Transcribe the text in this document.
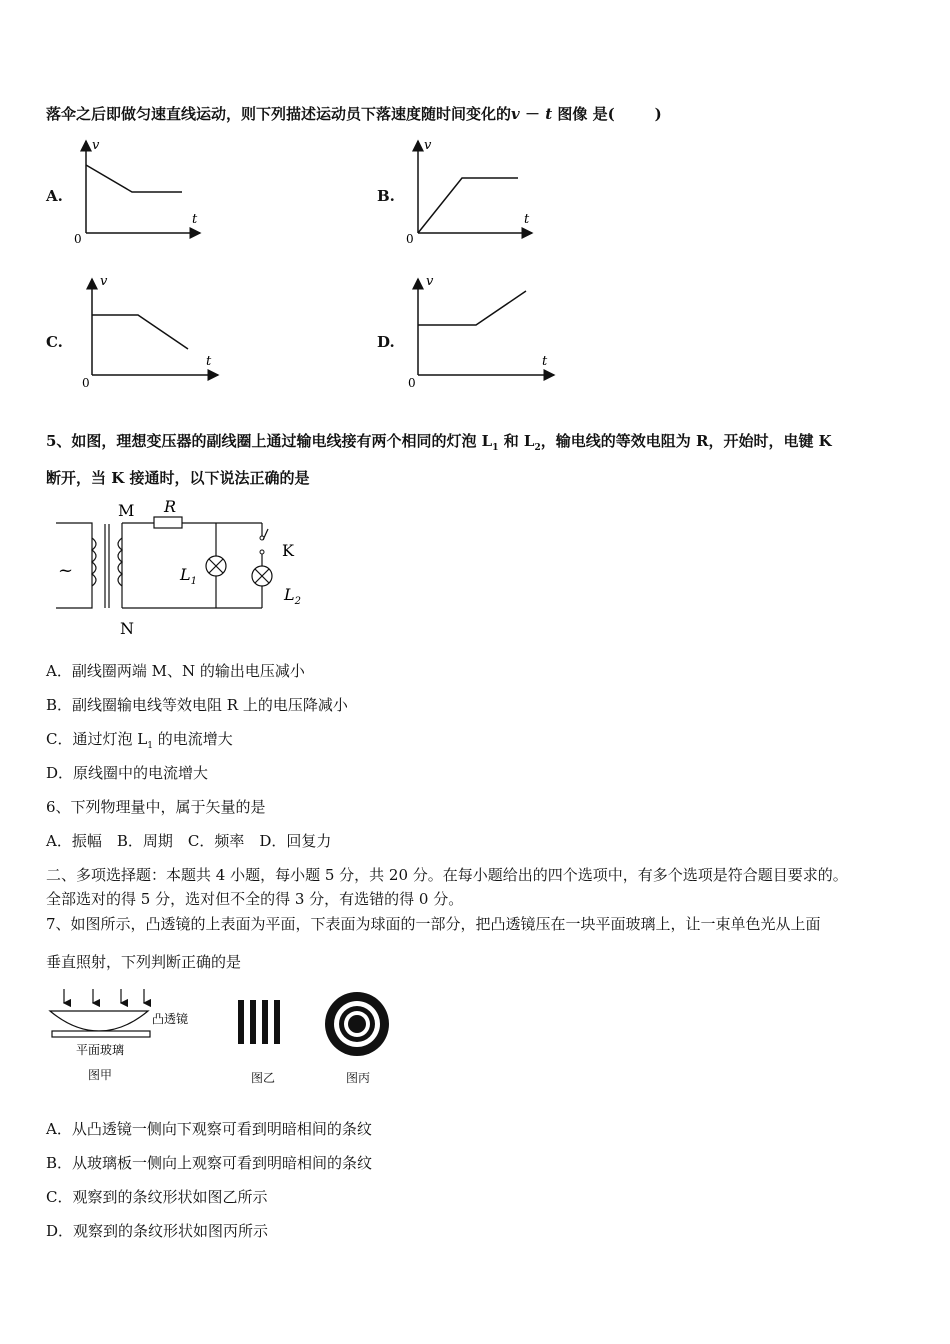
落伞之后即做匀速直线运动，则下列描述运动员下落速度随时间变化的v － t 图像 是(	)
A.
v
t
0
B.
v
t
0
C.
v
t
0
D.
v
t
0
5、如图，理想变压器的副线圈上通过输电线接有两个相同的灯泡 $L_1$ 和 $L_2$，输电线的等效电阻为 R，开始时，电键 K
断开，当 K 接通时，以下说法正确的是
~
M
N
R
K
$L_1$
$L_2$
A．副线圈两端 M、N 的输出电压减小
B．副线圈输电线等效电阻 R 上的电压降减小
C．通过灯泡 $L_1$ 的电流增大
D．原线圈中的电流增大
6、下列物理量中，属于矢量的是
A．振幅　B．周期　C．频率　D．回复力
二、多项选择题：本题共 4 小题，每小题 5 分，共 20 分。在每小题给出的四个选项中，有多个选项是符合题目要求的。
全部选对的得 5 分，选对但不全的得 3 分，有选错的得 0 分。
7、如图所示，凸透镜的上表面为平面，下表面为球面的一部分，把凸透镜压在一块平面玻璃上，让一束单色光从上面
垂直照射，下列判断正确的是
凸透镜
平面玻璃
图甲	图乙	图丙
A．从凸透镜一侧向下观察可看到明暗相间的条纹
B．从玻璃板一侧向上观察可看到明暗相间的条纹
C．观察到的条纹形状如图乙所示
D．观察到的条纹形状如图丙所示
